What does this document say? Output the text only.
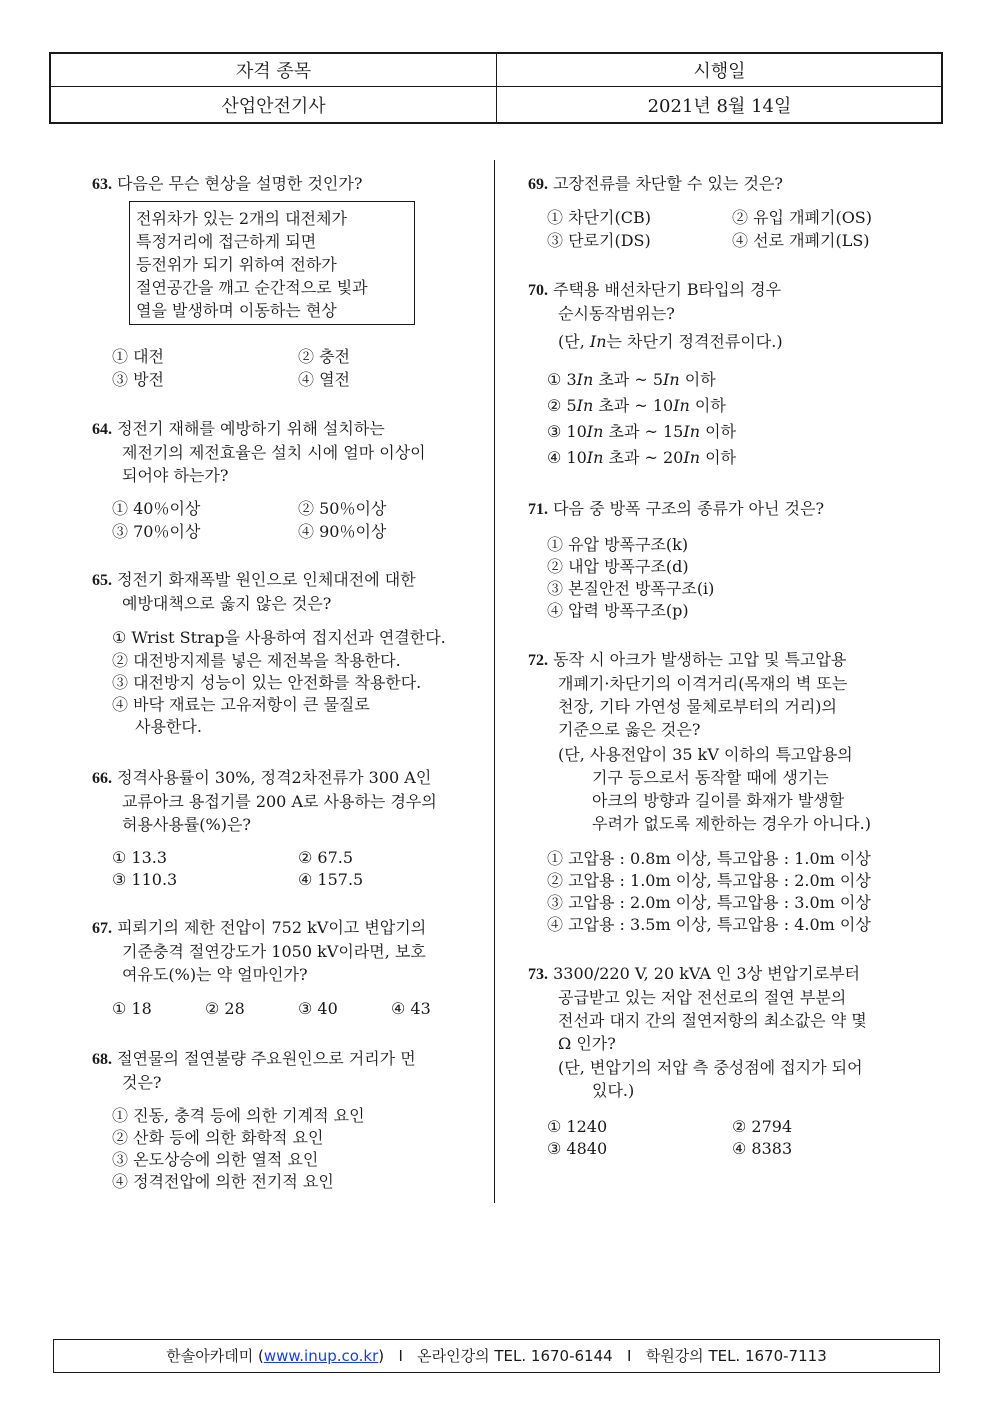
자격 종목	시행일
산업안전기사	2021년 8월 14일
63. 다음은 무슨 현상을 설명한 것인가?
전위차가 있는 2개의 대전체가
특정거리에 접근하게 되면
등전위가 되기 위하여 전하가
절연공간을 깨고 순간적으로 빛과
열을 발생하며 이동하는 현상
① 대전	② 충전
③ 방전	④ 열전
64. 정전기 재해를 예방하기 위해 설치하는
제전기의 제전효율은 설치 시에 얼마 이상이
되어야 하는가?
① 40％이상	② 50％이상
③ 70％이상	④ 90％이상
65. 정전기 화재폭발 원인으로 인체대전에 대한
예방대책으로 옳지 않은 것은?
① Wrist Strap을 사용하여 접지선과 연결한다.
② 대전방지제를 넣은 제전복을 착용한다.
③ 대전방지 성능이 있는 안전화를 착용한다.
④ 바닥 재료는 고유저항이 큰 물질로
사용한다.
66. 정격사용률이 30%, 정격2차전류가 300 A인
교류아크 용접기를 200 A로 사용하는 경우의
허용사용률(%)은?
① 13.3	② 67.5
③ 110.3	④ 157.5
67. 피뢰기의 제한 전압이 752 kV이고 변압기의
기준충격 절연강도가 1050 kV이라면, 보호
여유도(%)는 약 얼마인가?
① 18	② 28	③ 40	④ 43
68. 절연물의 절연불량 주요원인으로 거리가 먼
것은?
① 진동, 충격 등에 의한 기계적 요인
② 산화 등에 의한 화학적 요인
③ 온도상승에 의한 열적 요인
④ 정격전압에 의한 전기적 요인
69. 고장전류를 차단할 수 있는 것은?
① 차단기(CB)	② 유입 개폐기(OS)
③ 단로기(DS)	④ 선로 개폐기(LS)
70. 주택용 배선차단기 B타입의 경우
순시동작범위는?
(단, In는 차단기 정격전류이다.)
① 3In 초과 ~ 5In 이하
② 5In 초과 ~ 10In 이하
③ 10In 초과 ~ 15In 이하
④ 10In 초과 ~ 20In 이하
71. 다음 중 방폭 구조의 종류가 아닌 것은?
① 유압 방폭구조(k)
② 내압 방폭구조(d)
③ 본질안전 방폭구조(i)
④ 압력 방폭구조(p)
72. 동작 시 아크가 발생하는 고압 및 특고압용
개폐기·차단기의 이격거리(목재의 벽 또는
천장, 기타 가연성 물체로부터의 거리)의
기준으로 옳은 것은?
(단, 사용전압이 35 kV 이하의 특고압용의
기구 등으로서 동작할 때에 생기는
아크의 방향과 길이를 화재가 발생할
우려가 없도록 제한하는 경우가 아니다.)
① 고압용 : 0.8m 이상, 특고압용 : 1.0m 이상
② 고압용 : 1.0m 이상, 특고압용 : 2.0m 이상
③ 고압용 : 2.0m 이상, 특고압용 : 3.0m 이상
④ 고압용 : 3.5m 이상, 특고압용 : 4.0m 이상
73. 3300/220 V, 20 kVA 인 3상 변압기로부터
공급받고 있는 저압 전선로의 절연 부분의
전선과 대지 간의 절연저항의 최소값은 약 몇
Ω 인가?
(단, 변압기의 저압 측 중성점에 접지가 되어
있다.)
① 1240	② 2794
③ 4840	④ 8383
한솔아카데미 (www.inup.co.kr)   I   온라인강의 TEL. 1670-6144   I   학원강의 TEL. 1670-7113
